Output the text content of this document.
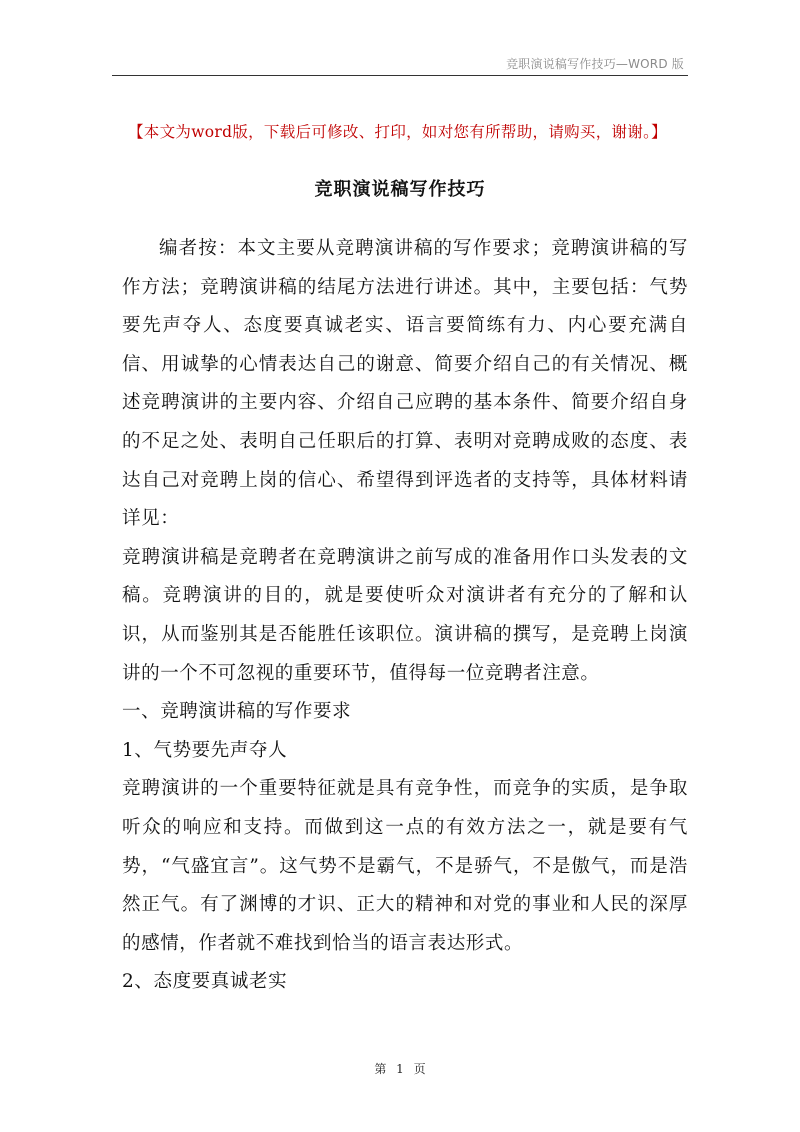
竞职演说稿写作技巧—WORD 版
【本文为word版，下载后可修改、打印，如对您有所帮助，请购买，谢谢。】
竞职演说稿写作技巧

编者按：本文主要从竞聘演讲稿的写作要求；竞聘演讲稿的写作方法；竞聘演讲稿的结尾方法进行讲述。其中，主要包括：气势要先声夺人、态度要真诚老实、语言要简练有力、内心要充满自信、用诚挚的心情表达自己的谢意、简要介绍自己的有关情况、概述竞聘演讲的主要内容、介绍自己应聘的基本条件、简要介绍自身的不足之处、表明自己任职后的打算、表明对竞聘成败的态度、表达自己对竞聘上岗的信心、希望得到评选者的支持等，具体材料请详见：

竞聘演讲稿是竞聘者在竞聘演讲之前写成的准备用作口头发表的文稿。竞聘演讲的目的，就是要使听众对演讲者有充分的了解和认识，从而鉴别其是否能胜任该职位。演讲稿的撰写，是竞聘上岗演讲的一个不可忽视的重要环节，值得每一位竞聘者注意。

一、竞聘演讲稿的写作要求

1、气势要先声夺人

竞聘演讲的一个重要特征就是具有竞争性，而竞争的实质，是争取听众的响应和支持。而做到这一点的有效方法之一，就是要有气势，“气盛宜言”。这气势不是霸气，不是骄气，不是傲气，而是浩然正气。有了渊博的才识、正大的精神和对党的事业和人民的深厚的感情，作者就不难找到恰当的语言表达形式。

2、态度要真诚老实

第 1 页
